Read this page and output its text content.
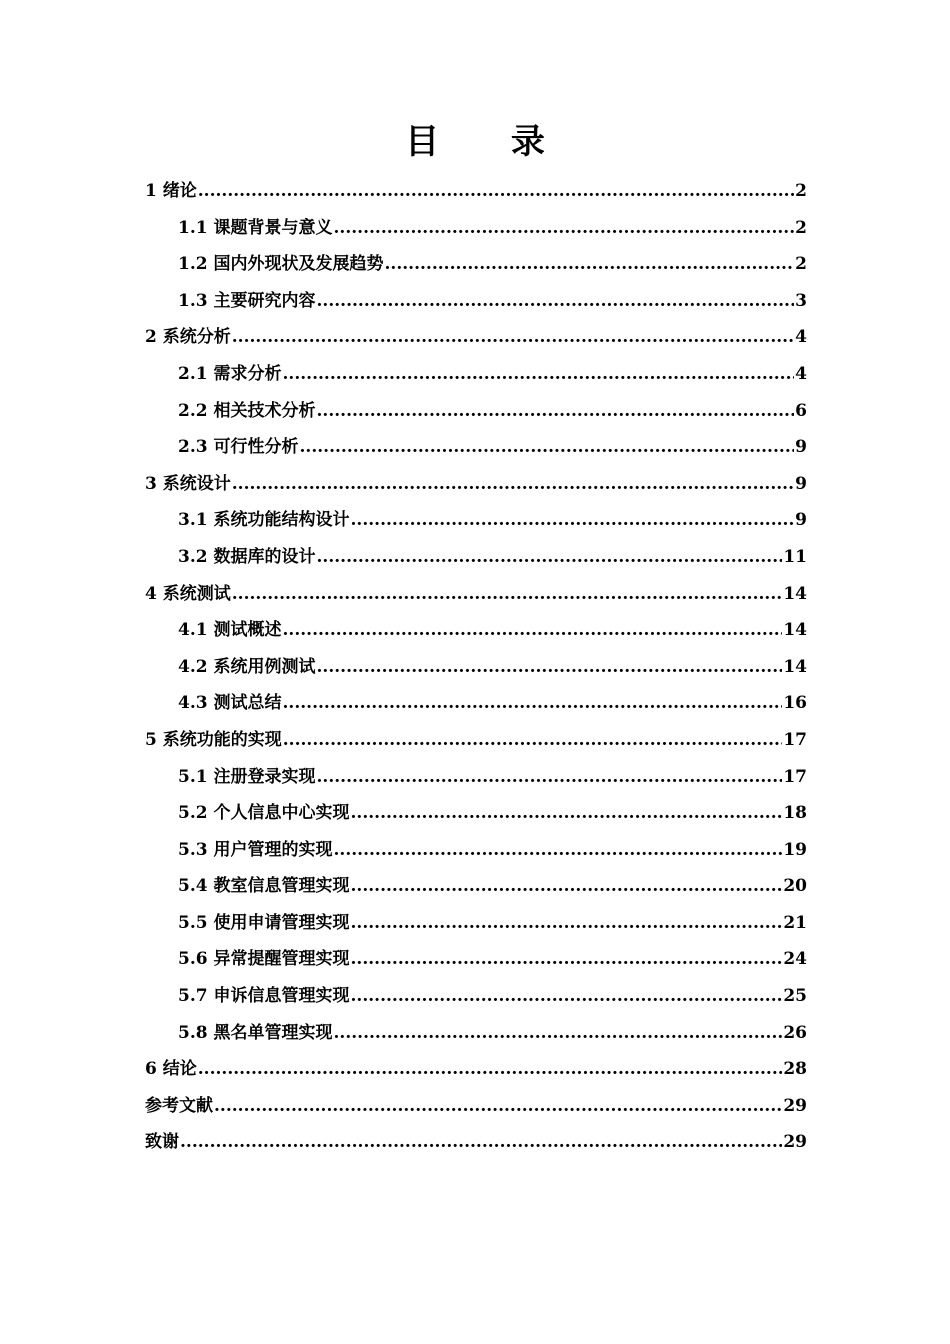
目 录
1 绪论 .....	2
1.1 课题背景与意义 .....	2
1.2 国内外现状及发展趋势 .....	2
1.3 主要研究内容 .....	3
2 系统分析 .....	4
2.1 需求分析 .....	4
2.2 相关技术分析 .....	6
2.3 可行性分析 .....	9
3 系统设计 .....	9
3.1 系统功能结构设计 .....	9
3.2 数据库的设计 .....	11
4 系统测试 .....	14
4.1 测试概述 .....	14
4.2 系统用例测试 .....	14
4.3 测试总结 .....	16
5 系统功能的实现 .....	17
5.1 注册登录实现 .....	17
5.2 个人信息中心实现 .....	18
5.3 用户管理的实现 .....	19
5.4 教室信息管理实现 .....	20
5.5 使用申请管理实现 .....	21
5.6 异常提醒管理实现 .....	24
5.7 申诉信息管理实现 .....	25
5.8 黑名单管理实现 .....	26
6 结论 .....	28
参考文献 .....	29
致谢 .....	29
